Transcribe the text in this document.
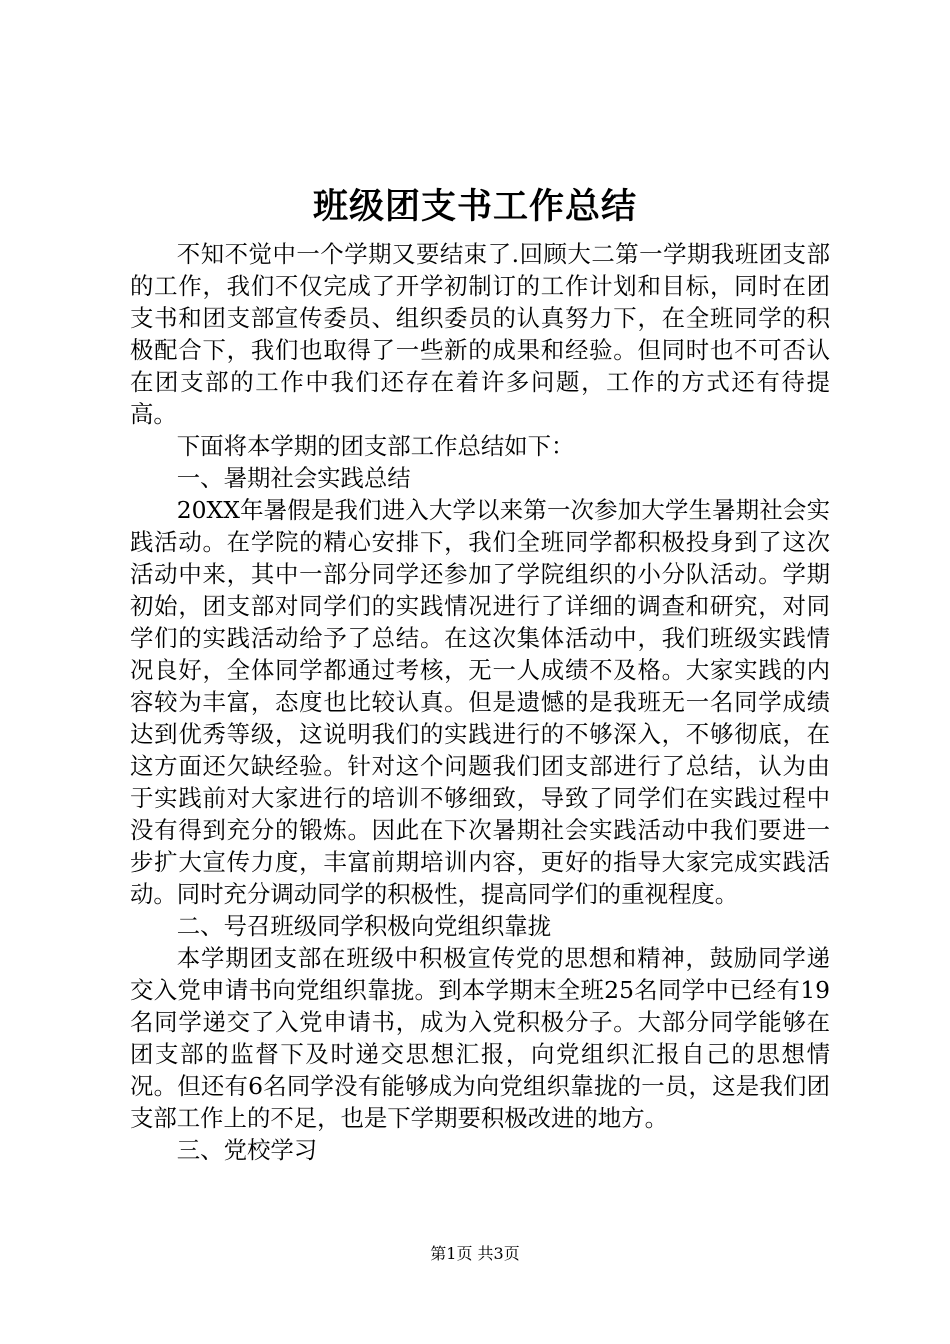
班级团支书工作总结

不知不觉中一个学期又要结束了.回顾大二第一学期我班团支部的工作，我们不仅完成了开学初制订的工作计划和目标，同时在团支书和团支部宣传委员、组织委员的认真努力下，在全班同学的积极配合下，我们也取得了一些新的成果和经验。但同时也不可否认在团支部的工作中我们还存在着许多问题，工作的方式还有待提高。

下面将本学期的团支部工作总结如下：

一、暑期社会实践总结

20XX年暑假是我们进入大学以来第一次参加大学生暑期社会实践活动。在学院的精心安排下，我们全班同学都积极投身到了这次活动中来，其中一部分同学还参加了学院组织的小分队活动。学期初始，团支部对同学们的实践情况进行了详细的调查和研究，对同学们的实践活动给予了总结。在这次集体活动中，我们班级实践情况良好，全体同学都通过考核，无一人成绩不及格。大家实践的内容较为丰富，态度也比较认真。但是遗憾的是我班无一名同学成绩达到优秀等级，这说明我们的实践进行的不够深入，不够彻底，在这方面还欠缺经验。针对这个问题我们团支部进行了总结，认为由于实践前对大家进行的培训不够细致，导致了同学们在实践过程中没有得到充分的锻炼。因此在下次暑期社会实践活动中我们要进一步扩大宣传力度，丰富前期培训内容，更好的指导大家完成实践活动。同时充分调动同学的积极性，提高同学们的重视程度。

二、号召班级同学积极向党组织靠拢

本学期团支部在班级中积极宣传党的思想和精神，鼓励同学递交入党申请书向党组织靠拢。到本学期末全班25名同学中已经有19名同学递交了入党申请书，成为入党积极分子。大部分同学能够在团支部的监督下及时递交思想汇报，向党组织汇报自己的思想情况。但还有6名同学没有能够成为向党组织靠拢的一员，这是我们团支部工作上的不足，也是下学期要积极改进的地方。

三、党校学习

第1页 共3页
